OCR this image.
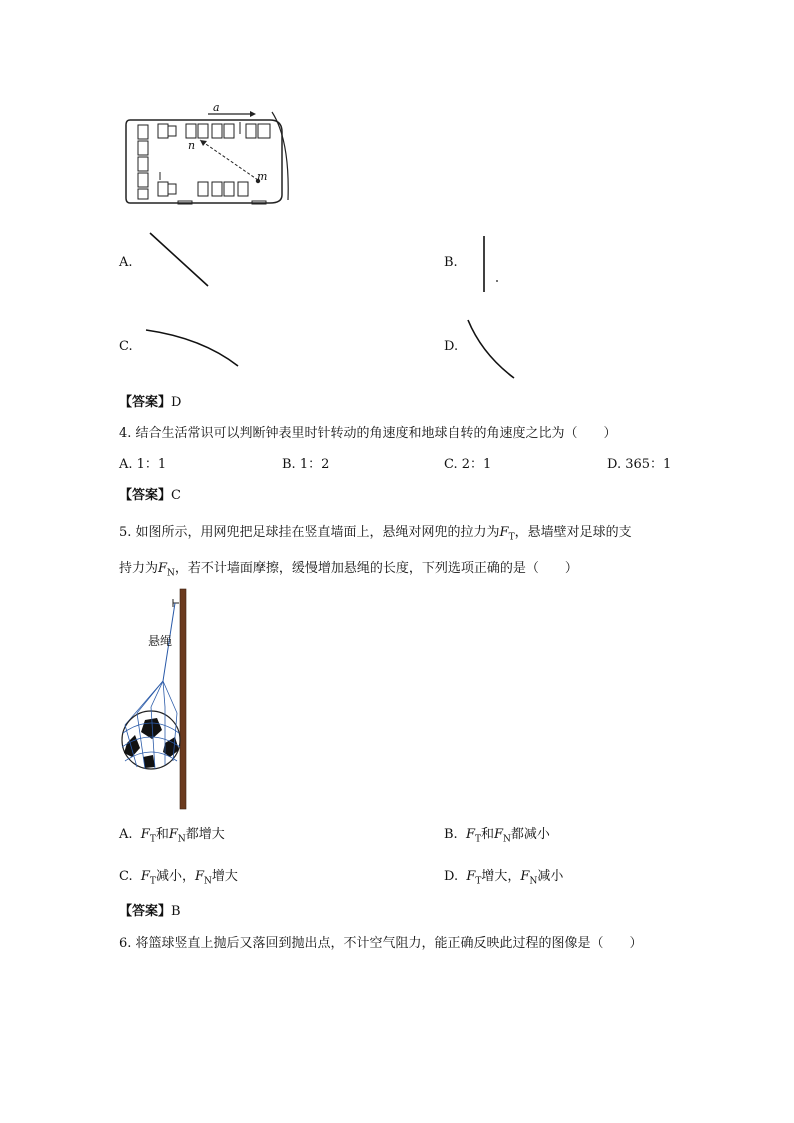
a
n
m
A.	B.
C.	D.
【答案】D
4. 结合生活常识可以判断钟表里时针转动的角速度和地球自转的角速度之比为（　　）
A. 1：1	B. 1：2	C. 2：1	D. 365：1
【答案】C
5. 如图所示，用网兜把足球挂在竖直墙面上，悬绳对网兜的拉力为$F_T$，悬墙壁对足球的支
持力为$F_N$，若不计墙面摩擦，缓慢增加悬绳的长度，下列选项正确的是（　　）
悬绳
A. $F_T$和$F_N$都增大	B. $F_T$和$F_N$都减小
C. $F_T$减小，$F_N$增大	D. $F_T$增大，$F_N$减小
【答案】B
6. 将篮球竖直上抛后又落回到抛出点，不计空气阻力，能正确反映此过程的图像是（　　）
